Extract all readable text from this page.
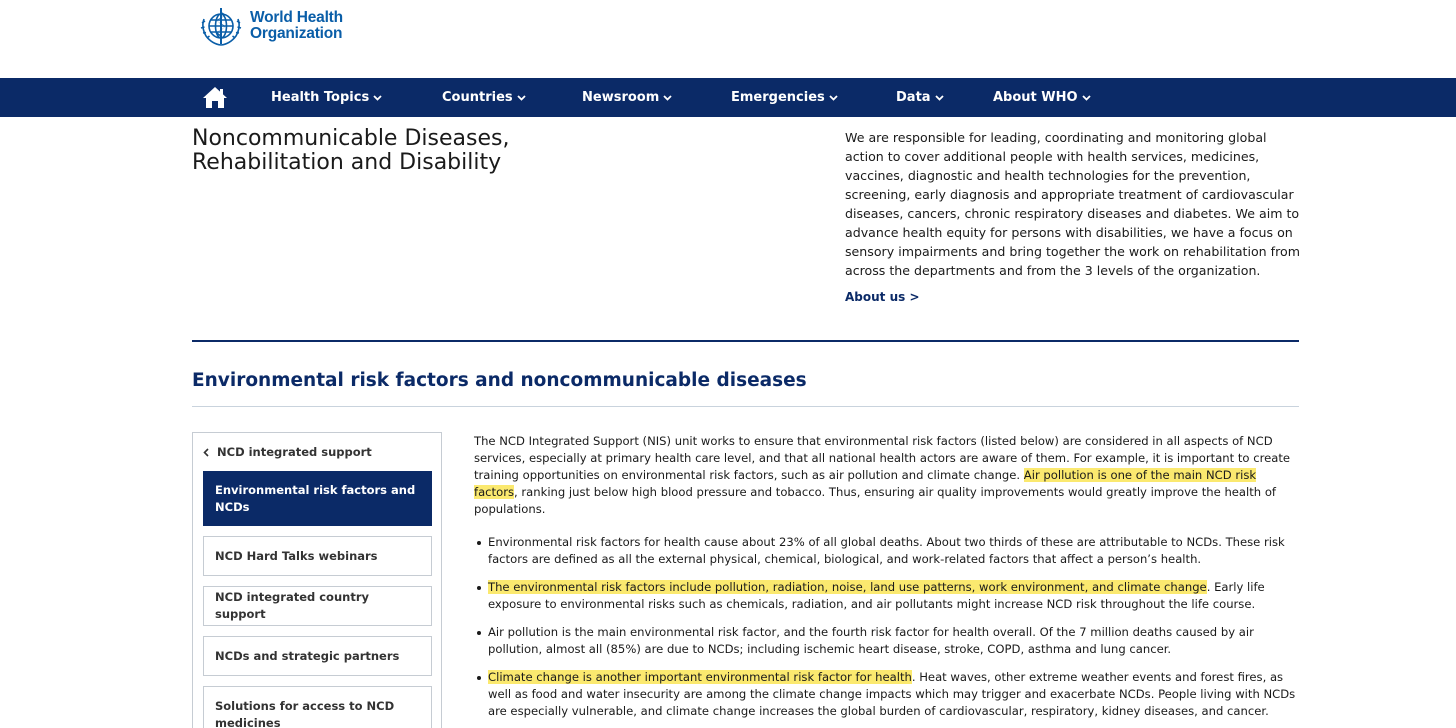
World Health
Organization
Health Topics	Countries	Newsroom	Emergencies	Data	About WHO
Noncommunicable Diseases, Rehabilitation and Disability

We are responsible for leading, coordinating and monitoring global action to cover additional people with health services, medicines, vaccines, diagnostic and health technologies for the prevention, screening, early diagnosis and appropriate treatment of cardiovascular diseases, cancers, chronic respiratory diseases and diabetes. We aim to advance health equity for persons with disabilities, we have a focus on sensory impairments and bring together the work on rehabilitation from across the departments and from the 3 levels of the organization.

About us >
Environmental risk factors and noncommunicable diseases
NCD integrated support
Environmental risk factors and NCDs
NCD Hard Talks webinars
NCD integrated country support
NCDs and strategic partners
Solutions for access to NCD medicines

The NCD Integrated Support (NIS) unit works to ensure that environmental risk factors (listed below) are considered in all aspects of NCD services, especially at primary health care level, and that all national health actors are aware of them. For example, it is important to create training opportunities on environmental risk factors, such as air pollution and climate change. Air pollution is one of the main NCD risk factors, ranking just below high blood pressure and tobacco. Thus, ensuring air quality improvements would greatly improve the health of populations.

Environmental risk factors for health cause about 23% of all global deaths. About two thirds of these are attributable to NCDs. These risk factors are defined as all the external physical, chemical, biological, and work-related factors that affect a person’s health.
The environmental risk factors include pollution, radiation, noise, land use patterns, work environment, and climate change. Early life exposure to environmental risks such as chemicals, radiation, and air pollutants might increase NCD risk throughout the life course.
Air pollution is the main environmental risk factor, and the fourth risk factor for health overall. Of the 7 million deaths caused by air pollution, almost all (85%) are due to NCDs; including ischemic heart disease, stroke, COPD, asthma and lung cancer.
Climate change is another important environmental risk factor for health. Heat waves, other extreme weather events and forest fires, as well as food and water insecurity are among the climate change impacts which may trigger and exacerbate NCDs. People living with NCDs are especially vulnerable, and climate change increases the global burden of cardiovascular, respiratory, kidney diseases, and cancer.
